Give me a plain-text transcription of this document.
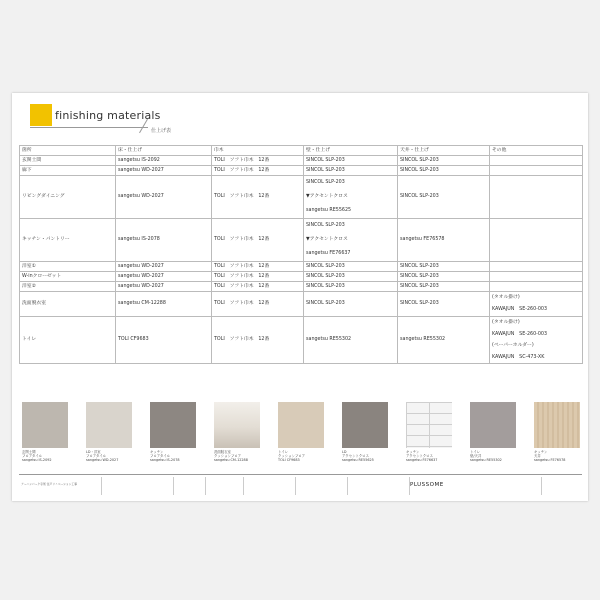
finishing materials
仕上げ表
箇所	床・仕上げ	巾木	壁・仕上げ	天井・仕上げ	その他
玄関土間	sangetsu IS-2092	TOLI　ソフト巾木　12番	SINCOL SLP-203	SINCOL SLP-203	
廊下	sangetsu WD-2027	TOLI　ソフト巾木　12番	SINCOL SLP-203	SINCOL SLP-203	
リビングダイニング	sangetsu WD-2027	TOLI　ソフト巾木　12番	SINCOL SLP-203
▼アクセントクロス
sangetsu RE55625	SINCOL SLP-203	
キッチン・パントリー	sangetsu IS-2078	TOLI　ソフト巾木　12番	SINCOL SLP-203
▼アクセントクロス
sangetsu FE76637	sangetsu FE76578	
洋室①	sangetsu WD-2027	TOLI　ソフト巾木　12番	SINCOL SLP-203	SINCOL SLP-203	
W-inクローゼット	sangetsu WD-2027	TOLI　ソフト巾木　12番	SINCOL SLP-203	SINCOL SLP-203	
洋室②	sangetsu WD-2027	TOLI　ソフト巾木　12番	SINCOL SLP-203	SINCOL SLP-203	
洗面脱衣室	sangetsu CM-12288	TOLI　ソフト巾木　12番	SINCOL SLP-203	SINCOL SLP-203	(タオル掛け)
KAWAJUN　SE-260-003

トイレ	TOLI CF9683	TOLI　ソフト巾木　12番	sangetsu RE55302	sangetsu RE55302	(タオル掛け)
KAWAJUN　SE-260-003
(ペーパーホルダー)
KAWAJUN　SC-473-XK
玄関土間
フロアタイル
sangetsu IS-2092
LD・洋室
フロアタイル
sangetsu WD-2027
キッチン
フロアタイル
sangetsu IS-2078
洗面脱衣室
クッションフロア
sangetsu CM-12288
トイレ
クッションフロア
TOLI CF9683
LD
アクセントクロス
sangetsu RE55625
キッチン
アクセントクロス
sangetsu FE76637
トイレ
壁/天井
sangetsu RE55302
キッチン
天井
sangetsu FE76578
アーバンパーク寺尾 住戸リノベーション工事	PLUSSOME
